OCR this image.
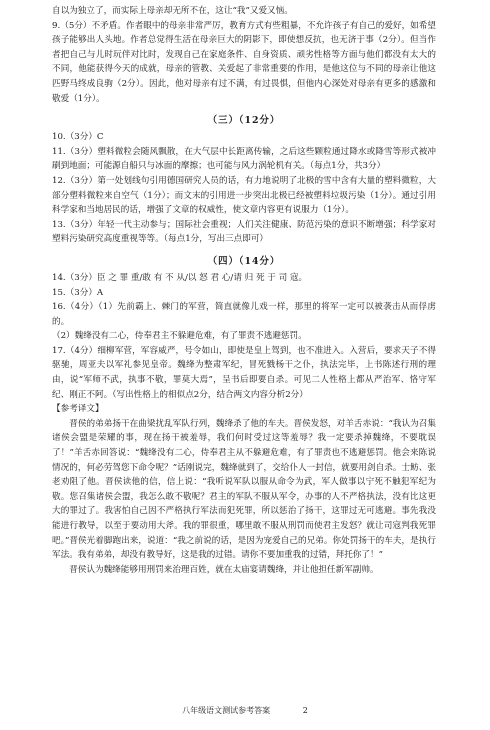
自以为独立了，而实际上母亲却无所不在，这让“我”又爱又恼。

9.（5分）不矛盾。作者眼中的母亲非常严厉，教育方式有些粗暴，不允许孩子有自己的爱好，如希望孩子能够出人头地。作者总觉得生活在母亲巨大的阴影下，即使想反抗，也无济于事（2分）。但当作者把自己与儿时玩伴对比时，发现自己在家庭条件、自身资质、顽劣性格等方面与他们都没有太大的不同，他能获得今天的成就，母亲的管教、关爱起了非常重要的作用，是他这位与不同的母亲让他这匹野马终成良驹（2分）。因此，他对母亲有过不满，有过畏惧，但他内心深处对母亲有更多的感激和敬爱（1分）。

（三）（12分）

10.（3分）C

11.（3分）塑料微粒会随风飘散，在大气层中长距离传输，之后这些颗粒通过降水或降雪等形式被冲刷到地面；可能源自船只与冰面的摩擦；也可能与风力涡轮机有关。（每点1分，共3分）

12.（3分）第一处划线句引用德国研究人员的话，有力地说明了北极的雪中含有大量的塑料微粒，大部分塑料微粒来自空气（1分）；而文末的引用进一步突出北极已经被塑料垃圾污染（1分）。通过引用科学家和当地居民的话，增强了文章的权威性，使文章内容更有说服力（1分）。

13.（3分）年轻一代主动参与；国际社会重视；人们关注健康、防范污染的意识不断增强；科学家对塑料污染研究高度重视等等。（每点1分，写出三点即可）

（四）（14分）

14.（3分）臣 之 罪 重/敢 有 不 从/以 怒 君 心/请 归 死 于 司 寇。

15.（3分）A

16.（4分）（1）先前霸上、棘门的军营，简直就像儿戏一样，那里的将军一定可以被袭击从而俘虏的。

（2）魏绛没有二心，侍奉君主不躲避危难，有了罪责不逃避惩罚。

17.（4分）细柳军营，军容威严，号令如山，即使是皇上驾到，也不准进入。入营后，要求天子不得驱驰，周亚夫以军礼参见皇帝。魏绛为整肃军纪，冒死戮杨干之仆，执法完毕，上书陈述行刑的理由，说“军师不武，执事不敬，罪莫大焉”，呈书后即要自杀。可见二人性格上都从严治军、恪守军纪、刚正不阿。（写出性格上的相似点2分，结合两文内容分析2分）

【参考译文】

晋侯的弟弟扬干在曲梁扰乱军队行列，魏绛杀了他的车夫。晋侯发怒，对羊舌赤说：“我认为召集诸侯会盟是荣耀的事，现在扬干被羞辱，我们何时受过这等羞辱？我一定要杀掉魏绛，不要耽误了！”羊舌赤回答说：“魏绛没有二心，侍奉君主从不躲避危难，有了罪责也不逃避惩罚。他会来陈说情况的，何必劳驾您下命令呢？”话刚说完，魏绛就到了，交给仆人一封信，就要用剑自杀。士鲂、张老劝阻了他。晋侯读他的信，信上说：“我听说军队以服从命令为武，军人做事以宁死不触犯军纪为敬。您召集诸侯会盟，我怎么敢不敬呢？君主的军队不服从军令，办事的人不严格执法，没有比这更大的罪过了。我害怕自己因不严格执行军法而犯死罪，所以惩治了扬干，这罪过无可逃避。事先我没能进行教导，以至于要动用大斧。我的罪很重，哪里敢不服从刑罚而使君主发怒？就让司寇判我死罪吧。”晋侯光着脚跑出来，说道：“我之前说的话，是因为宠爱自己的兄弟。你处罚扬干的车夫，是执行军法。我有弟弟，却没有教导好，这是我的过错。请你不要加重我的过错，拜托你了！”

晋侯认为魏绛能够用刑罚来治理百姓，就在太庙宴请魏绛，并让他担任新军副帅。

八年级语文测试参考答案	2
